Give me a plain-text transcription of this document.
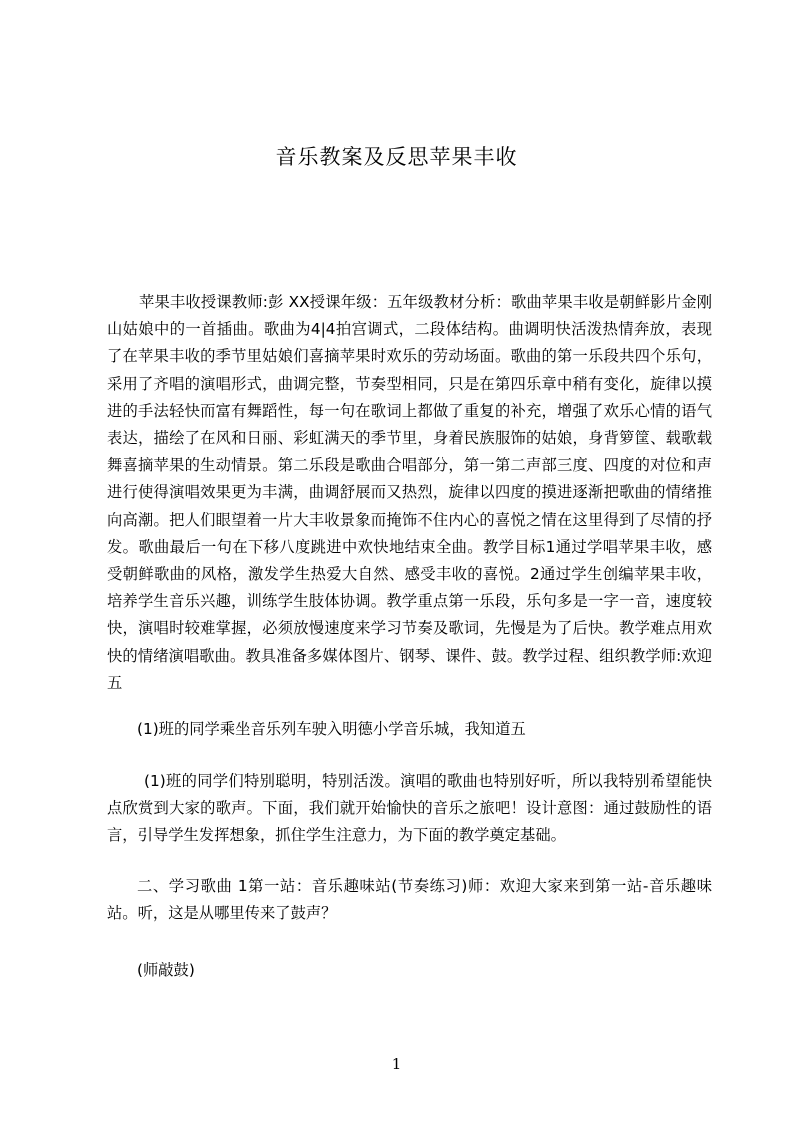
音乐教案及反思苹果丰收

苹果丰收授课教师:彭 XX授课年级：五年级教材分析：歌曲苹果丰收是朝鲜影片金刚山姑娘中的一首插曲。歌曲为4|4拍宫调式，二段体结构。曲调明快活泼热情奔放，表现了在苹果丰收的季节里姑娘们喜摘苹果时欢乐的劳动场面。歌曲的第一乐段共四个乐句，采用了齐唱的演唱形式，曲调完整，节奏型相同，只是在第四乐章中稍有变化，旋律以摸进的手法轻快而富有舞蹈性，每一句在歌词上都做了重复的补充，增强了欢乐心情的语气表达，描绘了在风和日丽、彩虹满天的季节里，身着民族服饰的姑娘，身背箩筐、载歌载舞喜摘苹果的生动情景。第二乐段是歌曲合唱部分，第一第二声部三度、四度的对位和声进行使得演唱效果更为丰满，曲调舒展而又热烈，旋律以四度的摸进逐渐把歌曲的情绪推向高潮。把人们眼望着一片大丰收景象而掩饰不住内心的喜悦之情在这里得到了尽情的抒发。歌曲最后一句在下移八度跳进中欢快地结束全曲。教学目标1通过学唱苹果丰收，感受朝鲜歌曲的风格，激发学生热爱大自然、感受丰收的喜悦。2通过学生创编苹果丰收，培养学生音乐兴趣，训练学生肢体协调。教学重点第一乐段，乐句多是一字一音，速度较快，演唱时较难掌握，必须放慢速度来学习节奏及歌词，先慢是为了后快。教学难点用欢快的情绪演唱歌曲。教具准备多媒体图片、钢琴、课件、鼓。教学过程、组织教学师:欢迎五

(1)班的同学乘坐音乐列车驶入明德小学音乐城，我知道五

(1)班的同学们特别聪明，特别活泼。演唱的歌曲也特别好听，所以我特别希望能快点欣赏到大家的歌声。下面，我们就开始愉快的音乐之旅吧！设计意图：通过鼓励性的语言，引导学生发挥想象，抓住学生注意力，为下面的教学奠定基础。

二、学习歌曲 1第一站：音乐趣味站(节奏练习)师：欢迎大家来到第一站-音乐趣味站。听，这是从哪里传来了鼓声？

(师敲鼓)

1
